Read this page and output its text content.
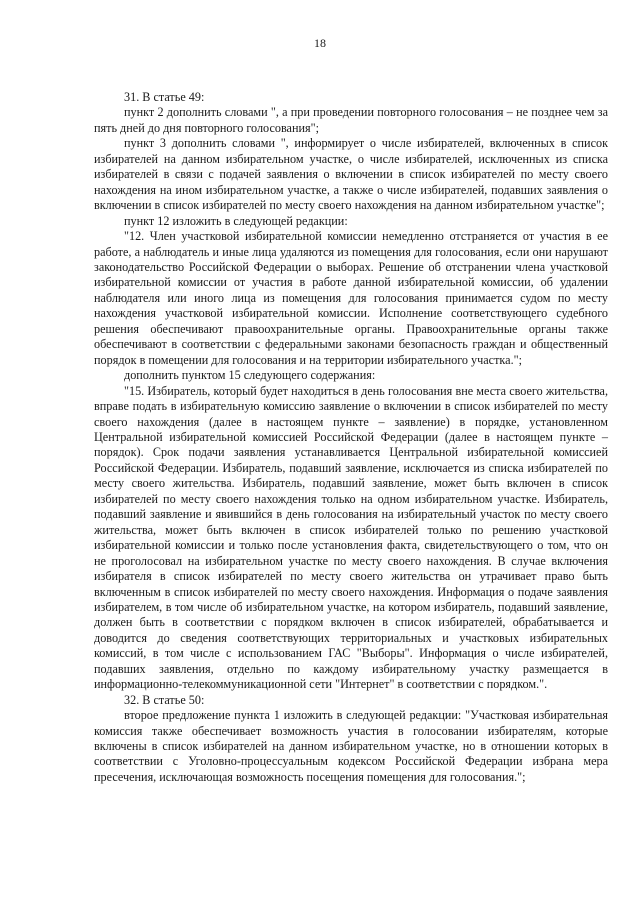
18

31. В статье 49:

пункт 2 дополнить словами ", а при проведении повторного голосования – не позднее чем за пять дней до дня повторного голосования";

пункт 3 дополнить словами ", информирует о числе избирателей, включенных в список избирателей на данном избирательном участке, о числе избирателей, исключенных из списка избирателей в связи с подачей заявления о включении в список избирателей по месту своего нахождения на ином избирательном участке, а также о числе избирателей, подавших заявления о включении в список избирателей по месту своего нахождения на данном избирательном участке";

пункт 12 изложить в следующей редакции:

"12. Член участковой избирательной комиссии немедленно отстраняется от участия в ее работе, а наблюдатель и иные лица удаляются из помещения для голосования, если они нарушают законодательство Российской Федерации о выборах. Решение об отстранении члена участковой избирательной комиссии от участия в работе данной избирательной комиссии, об удалении наблюдателя или иного лица из помещения для голосования принимается судом по месту нахождения участковой избирательной комиссии. Исполнение соответствующего судебного решения обеспечивают правоохранительные органы. Правоохранительные органы также обеспечивают в соответствии с федеральными законами безопасность граждан и общественный порядок в помещении для голосования и на территории избирательного участка.";

дополнить пунктом 15 следующего содержания:

"15. Избиратель, который будет находиться в день голосования вне места своего жительства, вправе подать в избирательную комиссию заявление о включении в список избирателей по месту своего нахождения (далее в настоящем пункте – заявление) в порядке, установленном Центральной избирательной комиссией Российской Федерации (далее в настоящем пункте – порядок). Срок подачи заявления устанавливается Центральной избирательной комиссией Российской Федерации. Избиратель, подавший заявление, исключается из списка избирателей по месту своего жительства. Избиратель, подавший заявление, может быть включен в список избирателей по месту своего нахождения только на одном избирательном участке. Избиратель, подавший заявление и явившийся в день голосования на избирательный участок по месту своего жительства, может быть включен в список избирателей только по решению участковой избирательной комиссии и только после установления факта, свидетельствующего о том, что он не проголосовал на избирательном участке по месту своего нахождения. В случае включения избирателя в список избирателей по месту своего жительства он утрачивает право быть включенным в список избирателей по месту своего нахождения. Информация о подаче заявления избирателем, в том числе об избирательном участке, на котором избиратель, подавший заявление, должен быть в соответствии с порядком включен в список избирателей, обрабатывается и доводится до сведения соответствующих территориальных и участковых избирательных комиссий, в том числе с использованием ГАС "Выборы". Информация о числе избирателей, подавших заявления, отдельно по каждому избирательному участку размещается в информационно-телекоммуникационной сети "Интернет" в соответствии с порядком.".

32. В статье 50:

второе предложение пункта 1 изложить в следующей редакции: "Участковая избирательная комиссия также обеспечивает возможность участия в голосовании избирателям, которые включены в список избирателей на данном избирательном участке, но в отношении которых в соответствии с Уголовно-процессуальным кодексом Российской Федерации избрана мера пресечения, исключающая возможность посещения помещения для голосования.";
